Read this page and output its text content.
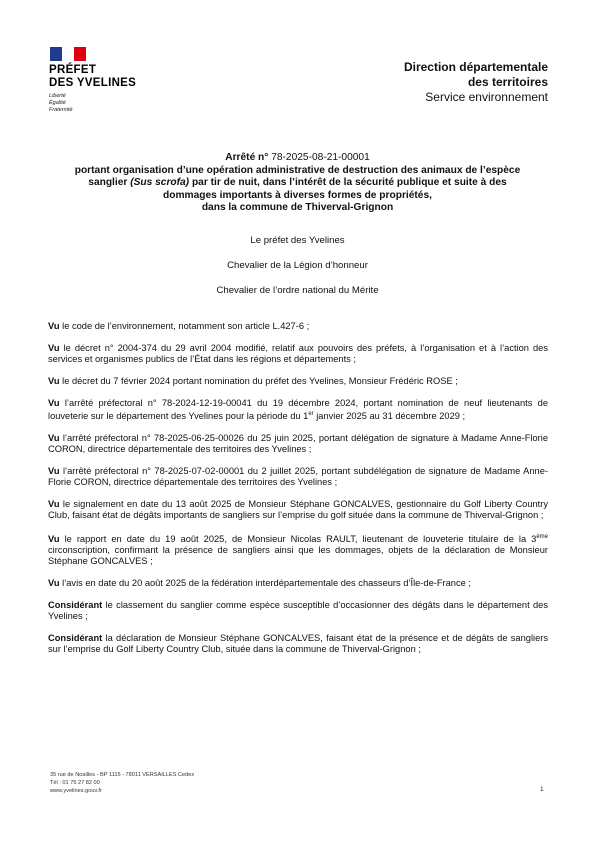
PRÉFET
DES YVELINES
Liberté
Égalité
Fraternité
Direction départementale
des territoires
Service environnement
Arrêté n° 78-2025-08-21-00001
portant organisation d’une opération administrative de destruction des animaux de l’espèce
sanglier (Sus scrofa) par tir de nuit, dans l’intérêt de la sécurité publique et suite à des
dommages importants à diverses formes de propriétés,
dans la commune de Thiverval-Grignon
Le préfet des Yvelines
Chevalier de la Légion d’honneur
Chevalier de l’ordre national du Mérite

Vu le code de l’environnement, notamment son article L.427-6 ;

Vu le décret n° 2004-374 du 29 avril 2004 modifié, relatif aux pouvoirs des préfets, à l’organisation et à l’action des services et organismes publics de l’État dans les régions et départements ;

Vu le décret du 7 février 2024 portant nomination du préfet des Yvelines, Monsieur Frédéric ROSE ;

Vu l’arrêté préfectoral n° 78-2024-12-19-00041 du 19 décembre 2024, portant nomination de neuf lieutenants de louveterie sur le département des Yvelines pour la période du 1er janvier 2025 au 31 décembre 2029 ;

Vu l’arrêté préfectoral n° 78-2025-06-25-00026 du 25 juin 2025, portant délégation de signature à Madame Anne-Florie CORON, directrice départementale des territoires des Yvelines ;

Vu l’arrêté préfectoral n° 78-2025-07-02-00001 du 2 juillet 2025, portant subdélégation de signature de Madame Anne-Florie CORON, directrice départementale des territoires des Yvelines ;

Vu le signalement en date du 13 août 2025 de Monsieur Stéphane GONCALVES, gestionnaire du Golf Liberty Country Club, faisant état de dégâts importants de sangliers sur l’emprise du golf située dans la commune de Thiverval-Grignon ;

Vu le rapport en date du 19 août 2025, de Monsieur Nicolas RAULT, lieutenant de louveterie titulaire de la 3ème circonscription, confirmant la présence de sangliers ainsi que les dommages, objets de la déclaration de Monsieur Stéphane GONCALVES ;

Vu l’avis en date du 20 août 2025 de la fédération interdépartementale des chasseurs d’Île-de-France ;

Considérant le classement du sanglier comme espèce susceptible d’occasionner des dégâts dans le département des Yvelines ;

Considérant la déclaration de Monsieur Stéphane GONCALVES, faisant état de la présence et de dégâts de sangliers sur l’emprise du Golf Liberty Country Club, située dans la commune de Thiverval-Grignon ;

35 rue de Noailles - BP 1115 - 78011 VERSAILLES Cedex
Tél : 01 75 27 82 00
www.yvelines.gouv.fr	1
